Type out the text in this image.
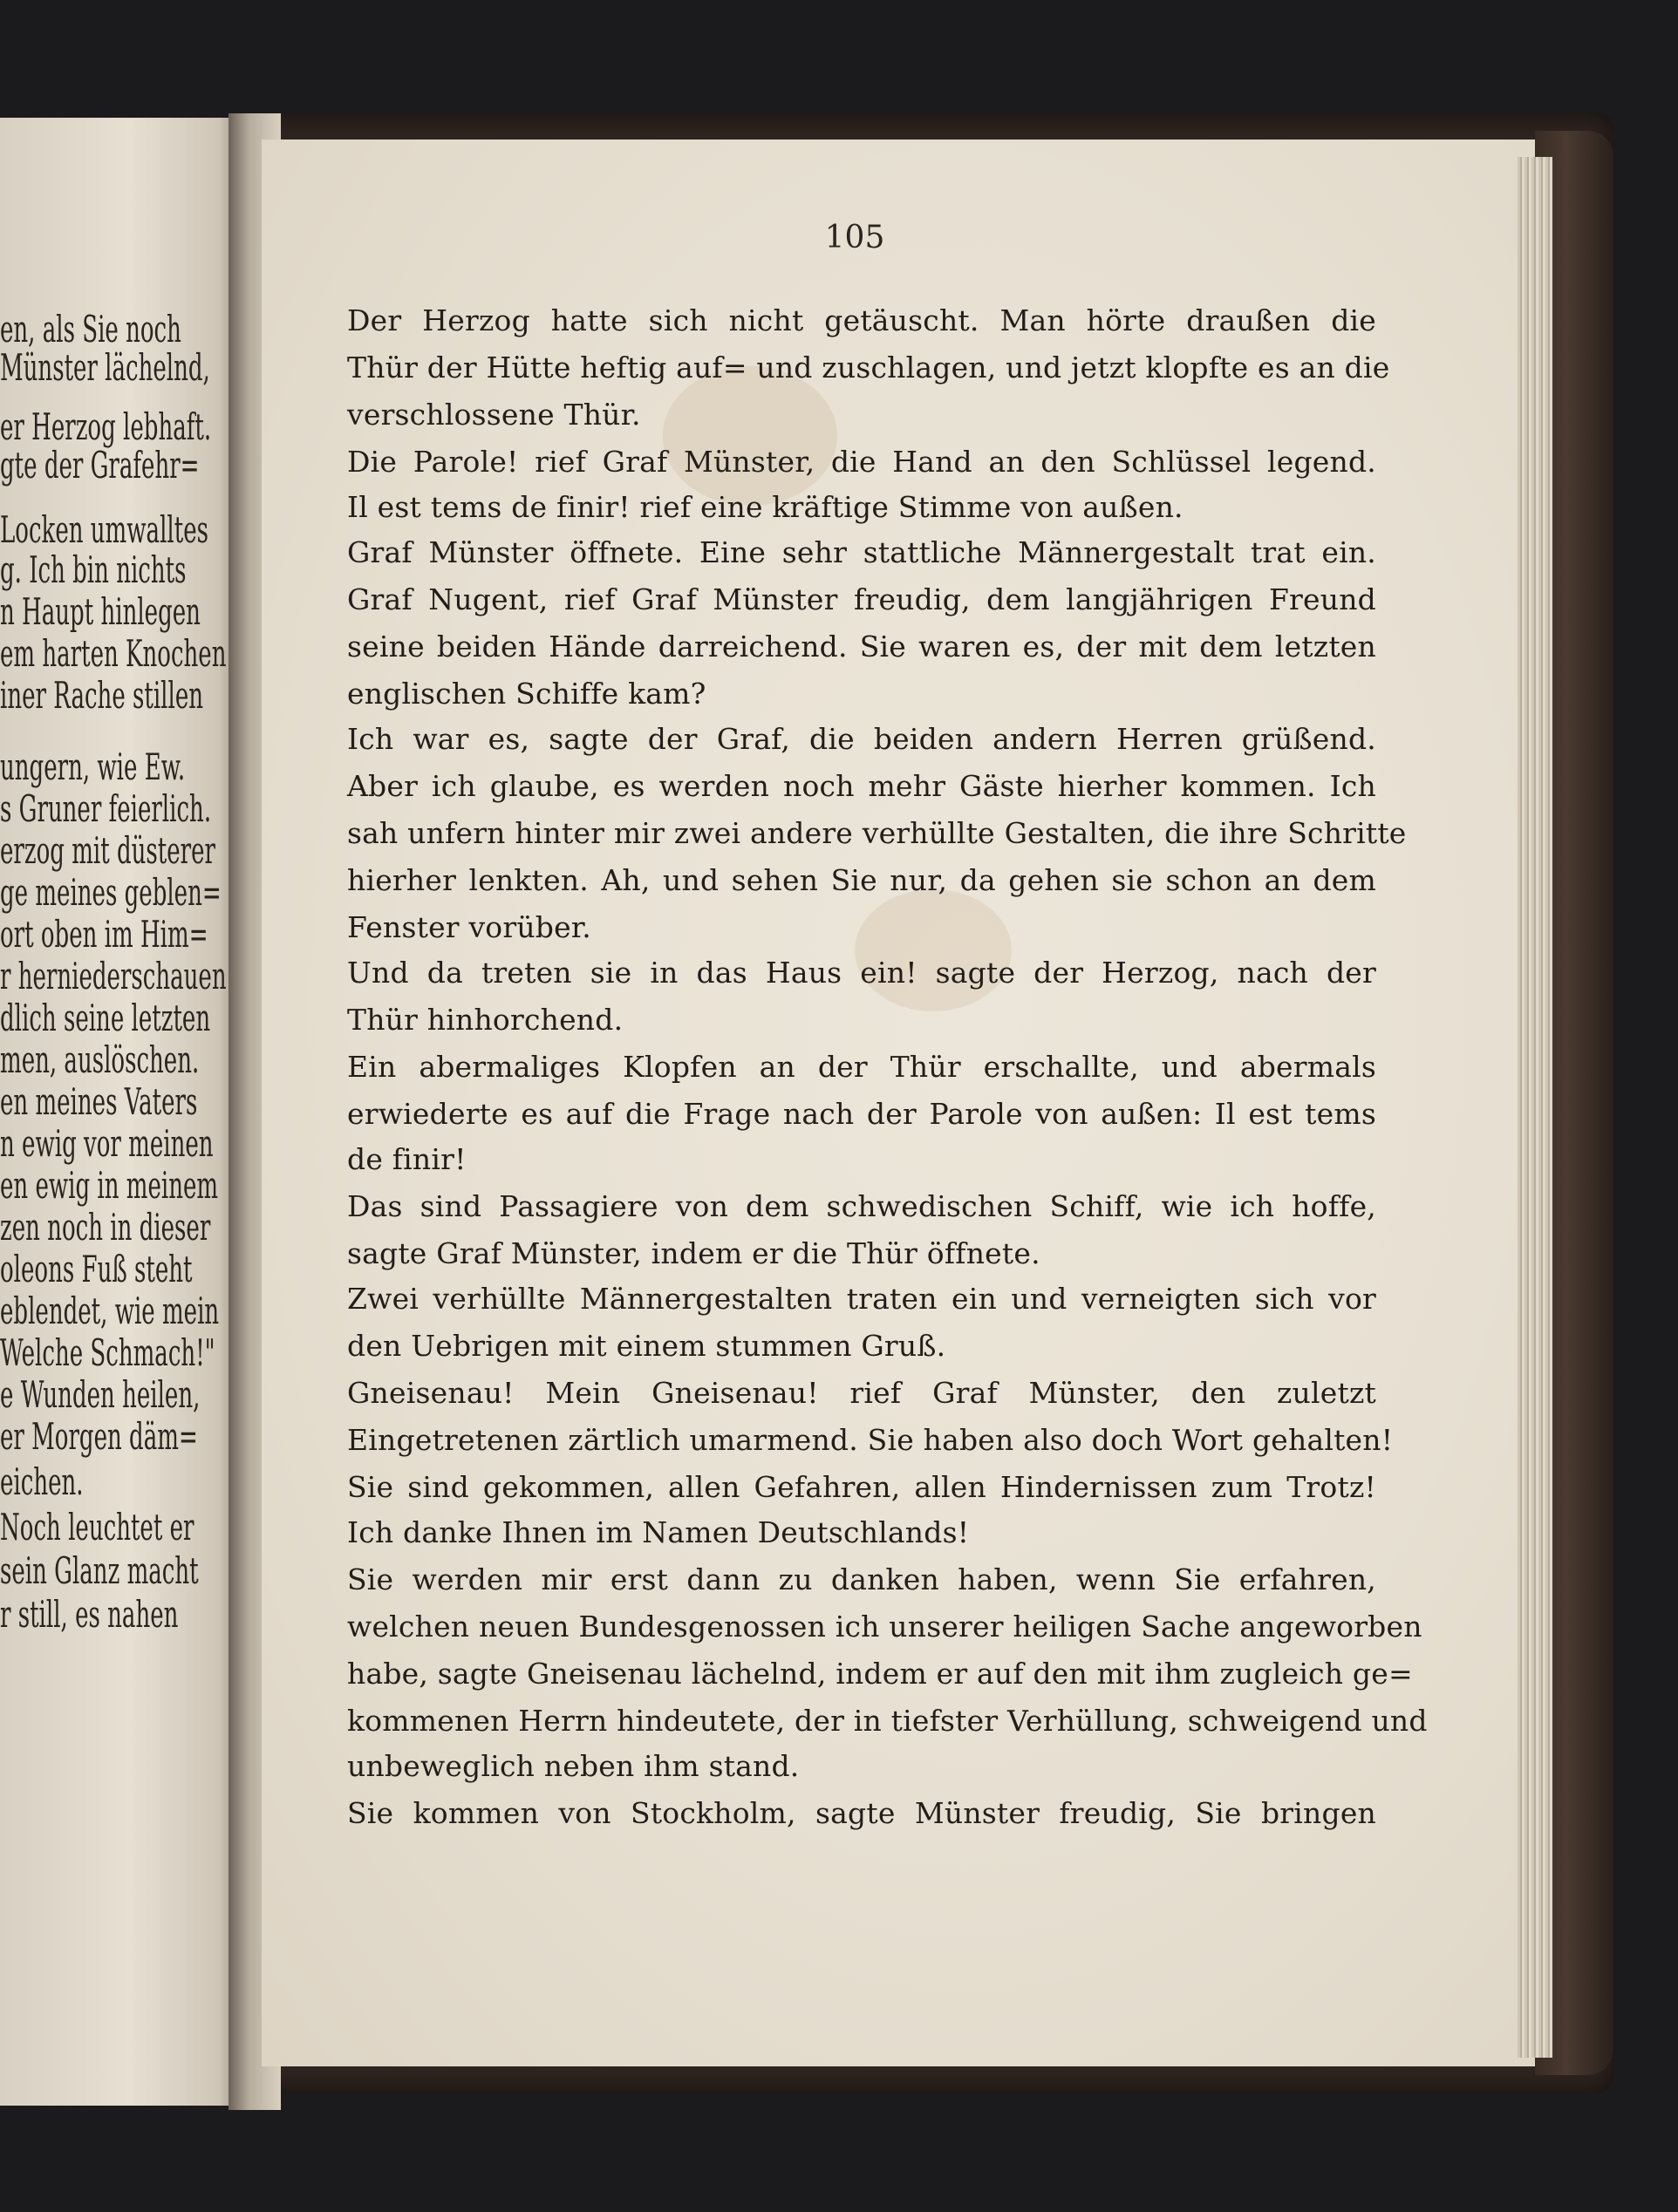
en, als Sie noch
Münster lächelnd,
er Herzog lebhaft.
gte der Grafehr=
Locken umwalltes
g. Ich bin nichts
n Haupt hinlegen
em harten Knochen
iner Rache stillen
ungern, wie Ew.
s Gruner feierlich.
erzog mit düsterer
ge meines geblen=
ort oben im Him=
r herniederschauen
dlich seine letzten
men, auslöschen.
en meines Vaters
n ewig vor meinen
en ewig in meinem
zen noch in dieser
oleons Fuß steht
eblendet, wie mein
Welche Schmach!"
e Wunden heilen,
er Morgen däm=
eichen.
Noch leuchtet er
sein Glanz macht
r still, es nahen
105
Der Herzog hatte sich nicht getäuscht. Man hörte draußen die
Thür der Hütte heftig auf= und zuschlagen, und jetzt klopfte es an die
verschlossene Thür.
Die Parole! rief Graf Münster, die Hand an den Schlüssel legend.
Il est tems de finir! rief eine kräftige Stimme von außen.
Graf Münster öffnete. Eine sehr stattliche Männergestalt trat ein.
Graf Nugent, rief Graf Münster freudig, dem langjährigen Freund
seine beiden Hände darreichend. Sie waren es, der mit dem letzten
englischen Schiffe kam?
Ich war es, sagte der Graf, die beiden andern Herren grüßend.
Aber ich glaube, es werden noch mehr Gäste hierher kommen. Ich
sah unfern hinter mir zwei andere verhüllte Gestalten, die ihre Schritte
hierher lenkten. Ah, und sehen Sie nur, da gehen sie schon an dem
Fenster vorüber.
Und da treten sie in das Haus ein! sagte der Herzog, nach der
Thür hinhorchend.
Ein abermaliges Klopfen an der Thür erschallte, und abermals
erwiederte es auf die Frage nach der Parole von außen: Il est tems
de finir!
Das sind Passagiere von dem schwedischen Schiff, wie ich hoffe,
sagte Graf Münster, indem er die Thür öffnete.
Zwei verhüllte Männergestalten traten ein und verneigten sich vor
den Uebrigen mit einem stummen Gruß.
Gneisenau! Mein Gneisenau! rief Graf Münster, den zuletzt
Eingetretenen zärtlich umarmend. Sie haben also doch Wort gehalten!
Sie sind gekommen, allen Gefahren, allen Hindernissen zum Trotz!
Ich danke Ihnen im Namen Deutschlands!
Sie werden mir erst dann zu danken haben, wenn Sie erfahren,
welchen neuen Bundesgenossen ich unserer heiligen Sache angeworben
habe, sagte Gneisenau lächelnd, indem er auf den mit ihm zugleich ge=
kommenen Herrn hindeutete, der in tiefster Verhüllung, schweigend und
unbeweglich neben ihm stand.
Sie kommen von Stockholm, sagte Münster freudig, Sie bringen
